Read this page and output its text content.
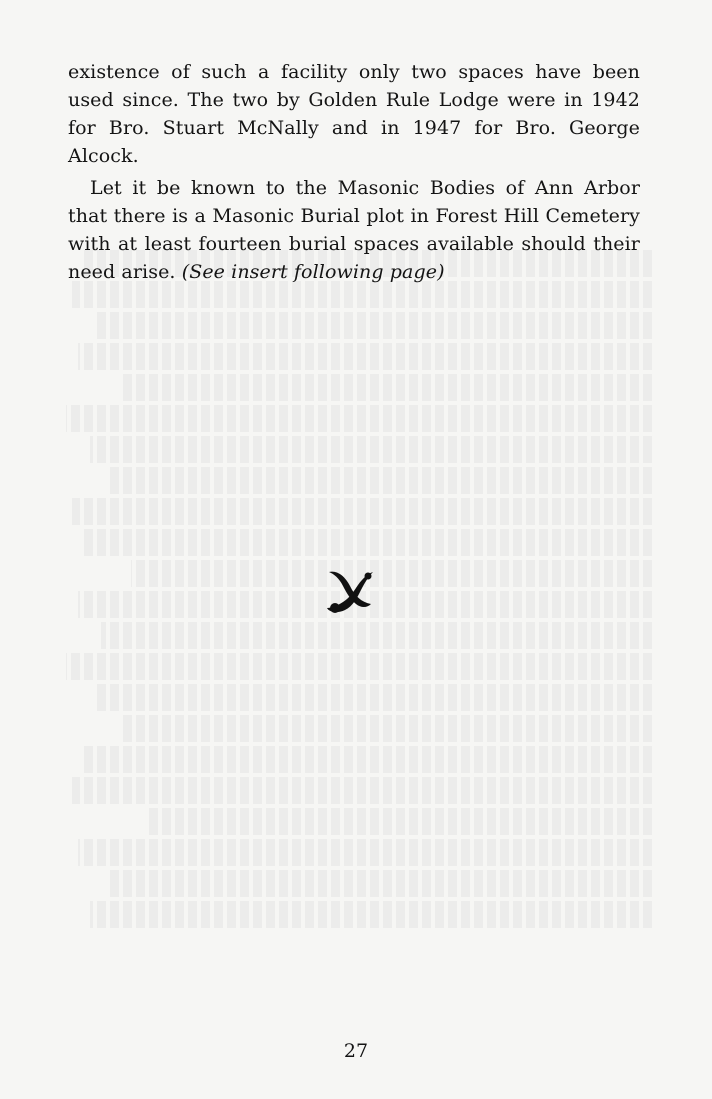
existence of such a facility only two spaces have been used since. The two by Golden Rule Lodge were in 1942 for Bro. Stuart McNally and in 1947 for Bro. George Alcock.

Let it be known to the Masonic Bodies of Ann Arbor that there is a Masonic Burial plot in Forest Hill Cemetery with at least fourteen burial spaces available should their need arise. (See insert following page)

27
